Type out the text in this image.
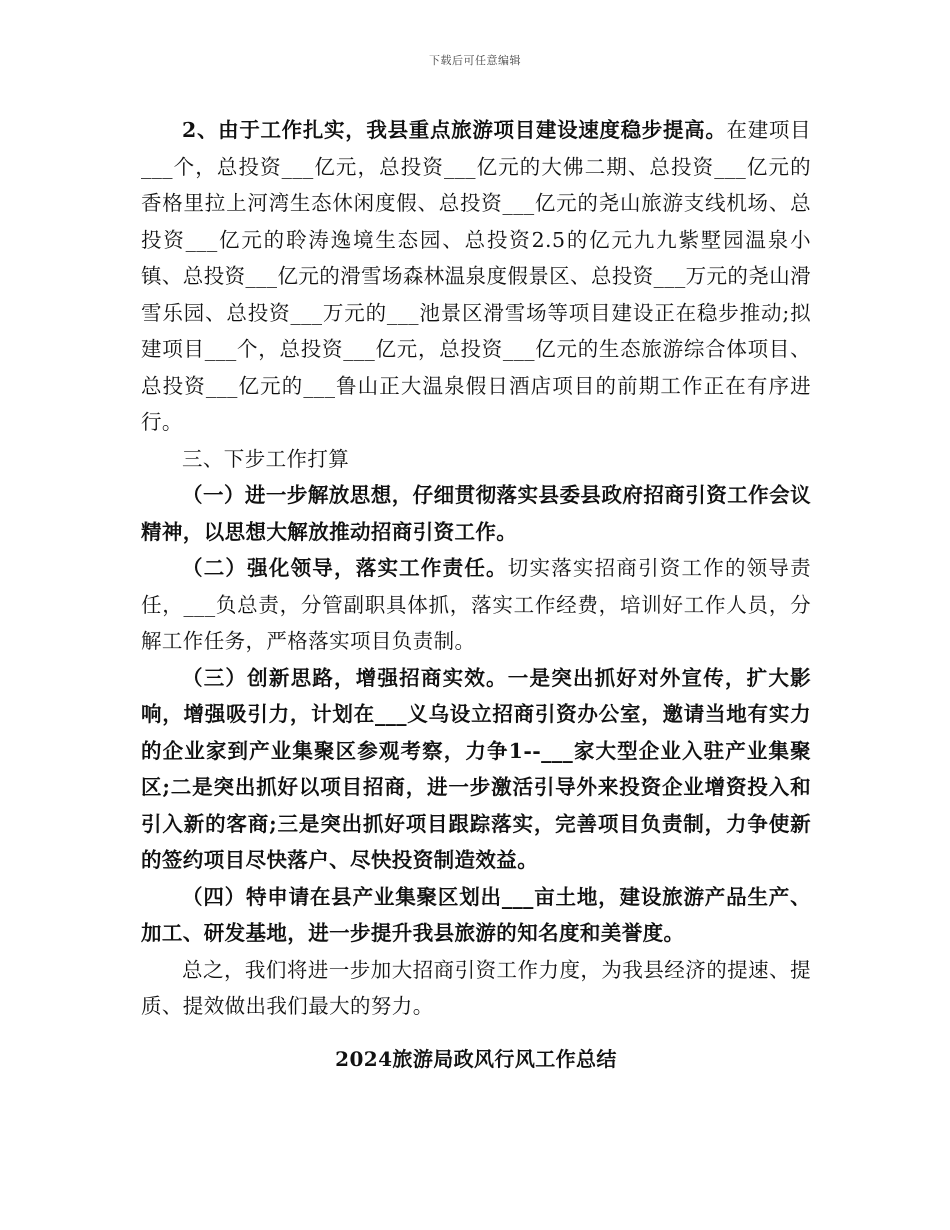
下载后可任意编辑

2、由于工作扎实，我县重点旅游项目建设速度稳步提高。在建项目___个，总投资___亿元，总投资___亿元的大佛二期、总投资___亿元的香格里拉上河湾生态休闲度假、总投资___亿元的尧山旅游支线机场、总投资___亿元的聆涛逸境生态园、总投资2.5的亿元九九紫墅园温泉小镇、总投资___亿元的滑雪场森林温泉度假景区、总投资___万元的尧山滑雪乐园、总投资___万元的___池景区滑雪场等项目建设正在稳步推动;拟建项目___个，总投资___亿元，总投资___亿元的生态旅游综合体项目、总投资___亿元的___鲁山正大温泉假日酒店项目的前期工作正在有序进行。

三、下步工作打算

（一）进一步解放思想，仔细贯彻落实县委县政府招商引资工作会议精神，以思想大解放推动招商引资工作。

（二）强化领导，落实工作责任。切实落实招商引资工作的领导责任，___负总责，分管副职具体抓，落实工作经费，培训好工作人员，分解工作任务，严格落实项目负责制。

（三）创新思路，增强招商实效。一是突出抓好对外宣传，扩大影响，增强吸引力，计划在___义乌设立招商引资办公室，邀请当地有实力的企业家到产业集聚区参观考察，力争1--___家大型企业入驻产业集聚区;二是突出抓好以项目招商，进一步激活引导外来投资企业增资投入和引入新的客商;三是突出抓好项目跟踪落实，完善项目负责制，力争使新的签约项目尽快落户、尽快投资制造效益。

（四）特申请在县产业集聚区划出___亩土地，建设旅游产品生产、加工、研发基地，进一步提升我县旅游的知名度和美誉度。

总之，我们将进一步加大招商引资工作力度，为我县经济的提速、提质、提效做出我们最大的努力。

2024旅游局政风行风工作总结
